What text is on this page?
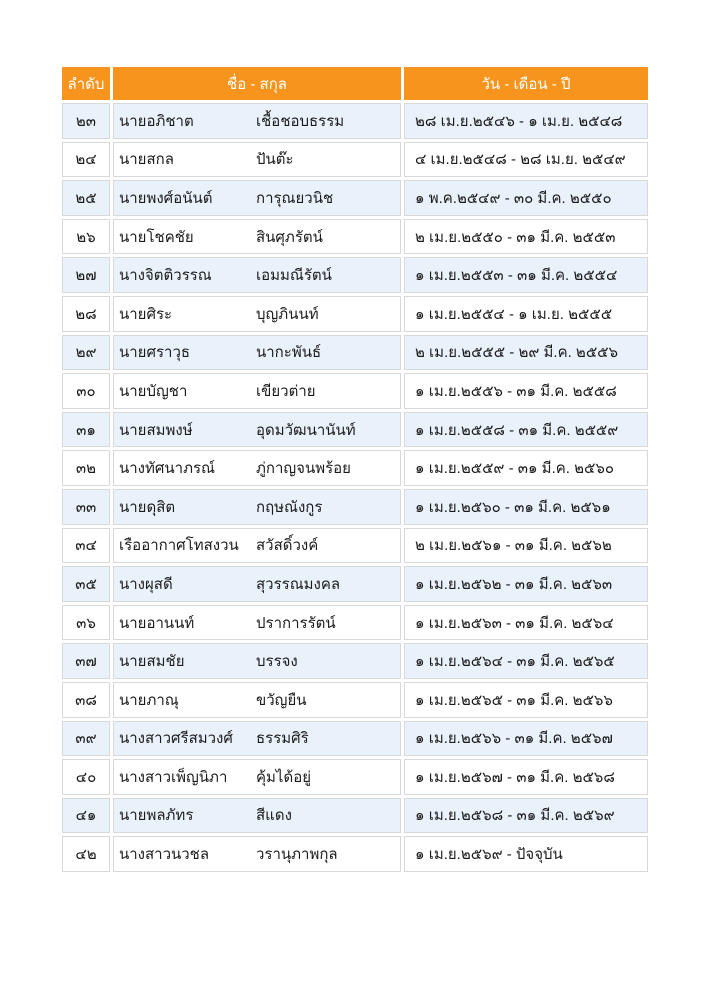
ลำดับ	ชื่อ - สกุล	วัน - เดือน - ปี
๒๓	นายอภิชาต เชื้อชอบธรรม	๒๘ เม.ย.๒๕๔๖ - ๑ เม.ย. ๒๕๔๘
๒๔	นายสกล ปันต๊ะ	๔ เม.ย.๒๕๔๘ - ๒๘ เม.ย. ๒๕๔๙
๒๕	นายพงศ์อนันต์ การุณยวนิช	๑ พ.ค.๒๕๔๙ - ๓๐ มี.ค. ๒๕๕๐
๒๖	นายโชคชัย สินศุภรัตน์	๒ เม.ย.๒๕๕๐ - ๓๑ มี.ค. ๒๕๕๓
๒๗	นางจิตติวรรณ เอมมณีรัตน์	๑ เม.ย.๒๕๕๓ - ๓๑ มี.ค. ๒๕๕๔
๒๘	นายศิระ บุญภินนท์	๑ เม.ย.๒๕๕๔ - ๑ เม.ย. ๒๕๕๕
๒๙	นายศราวุธ นากะพันธ์	๒ เม.ย.๒๕๕๕ - ๒๙ มี.ค. ๒๕๕๖
๓๐	นายบัญชา เขียวต่าย	๑ เม.ย.๒๕๕๖ - ๓๑ มี.ค. ๒๕๕๘
๓๑	นายสมพงษ์ อุดมวัฒนานันท์	๑ เม.ย.๒๕๕๘ - ๓๑ มี.ค. ๒๕๕๙
๓๒	นางทัศนาภรณ์ ภู่กาญจนพร้อย	๑ เม.ย.๒๕๕๙ - ๓๑ มี.ค. ๒๕๖๐
๓๓	นายดุสิต กฤษณังกูร	๑ เม.ย.๒๕๖๐ - ๓๑ มี.ค. ๒๕๖๑
๓๔	เรืออากาศโทสงวน สวัสดิ์วงค์	๒ เม.ย.๒๕๖๑ - ๓๑ มี.ค. ๒๕๖๒
๓๕	นางผุสดี สุวรรณมงคล	๑ เม.ย.๒๕๖๒ - ๓๑ มี.ค. ๒๕๖๓
๓๖	นายอานนท์ ปราการรัตน์	๑ เม.ย.๒๕๖๓ - ๓๑ มี.ค. ๒๕๖๔
๓๗	นายสมชัย บรรจง	๑ เม.ย.๒๕๖๔ - ๓๑ มี.ค. ๒๕๖๕
๓๘	นายภาณุ ขวัญยืน	๑ เม.ย.๒๕๖๕ - ๓๑ มี.ค. ๒๕๖๖
๓๙	นางสาวศรีสมวงศ์ ธรรมศิริ	๑ เม.ย.๒๕๖๖ - ๓๑ มี.ค. ๒๕๖๗
๔๐	นางสาวเพ็ญนิภา คุ้มได้อยู่	๑ เม.ย.๒๕๖๗ - ๓๑ มี.ค. ๒๕๖๘
๔๑	นายพลภัทร สีแดง	๑ เม.ย.๒๕๖๘ - ๓๑ มี.ค. ๒๕๖๙
๔๒	นางสาวนวชล วรานุภาพกุล	๑ เม.ย.๒๕๖๙ - ปัจจุบัน
